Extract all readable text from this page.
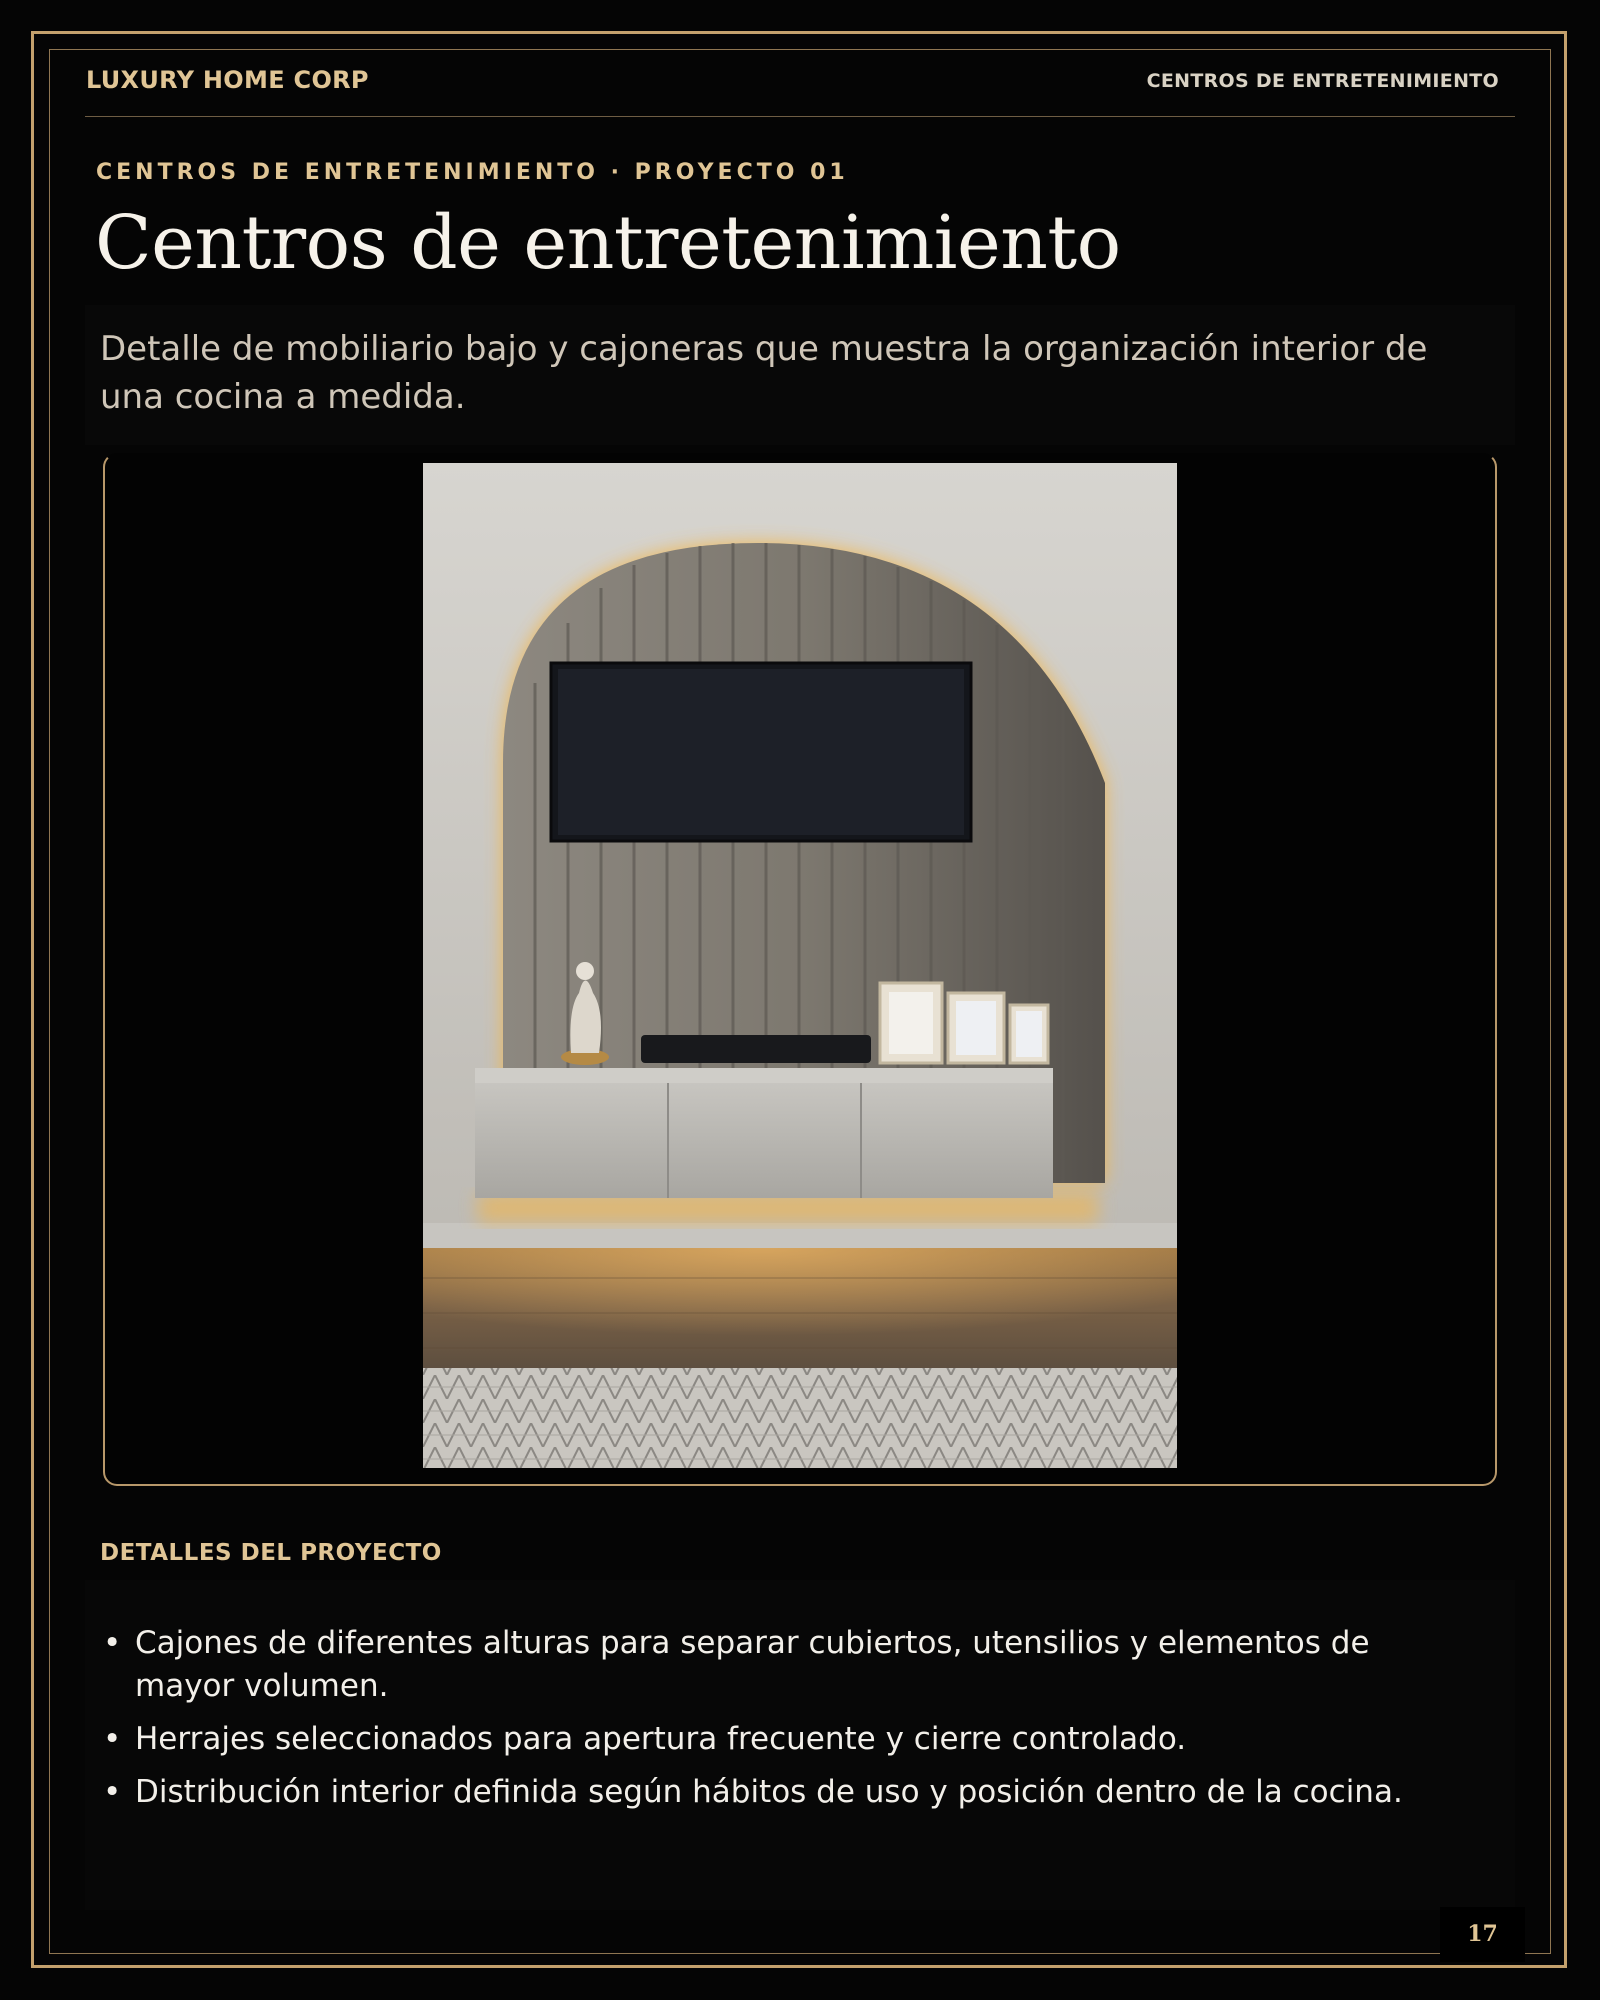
LUXURY HOME CORP	CENTROS DE ENTRETENIMIENTO
CENTROS DE ENTRETENIMIENTO · PROYECTO 01
Centros de entretenimiento

Detalle de mobiliario bajo y cajoneras que muestra la organización interior de una cocina a medida.

DETALLES DEL PROYECTO
• Cajones de diferentes alturas para separar cubiertos, utensilios y elementos de mayor volumen.
• Herrajes seleccionados para apertura frecuente y cierre controlado.
• Distribución interior definida según hábitos de uso y posición dentro de la cocina.
17
